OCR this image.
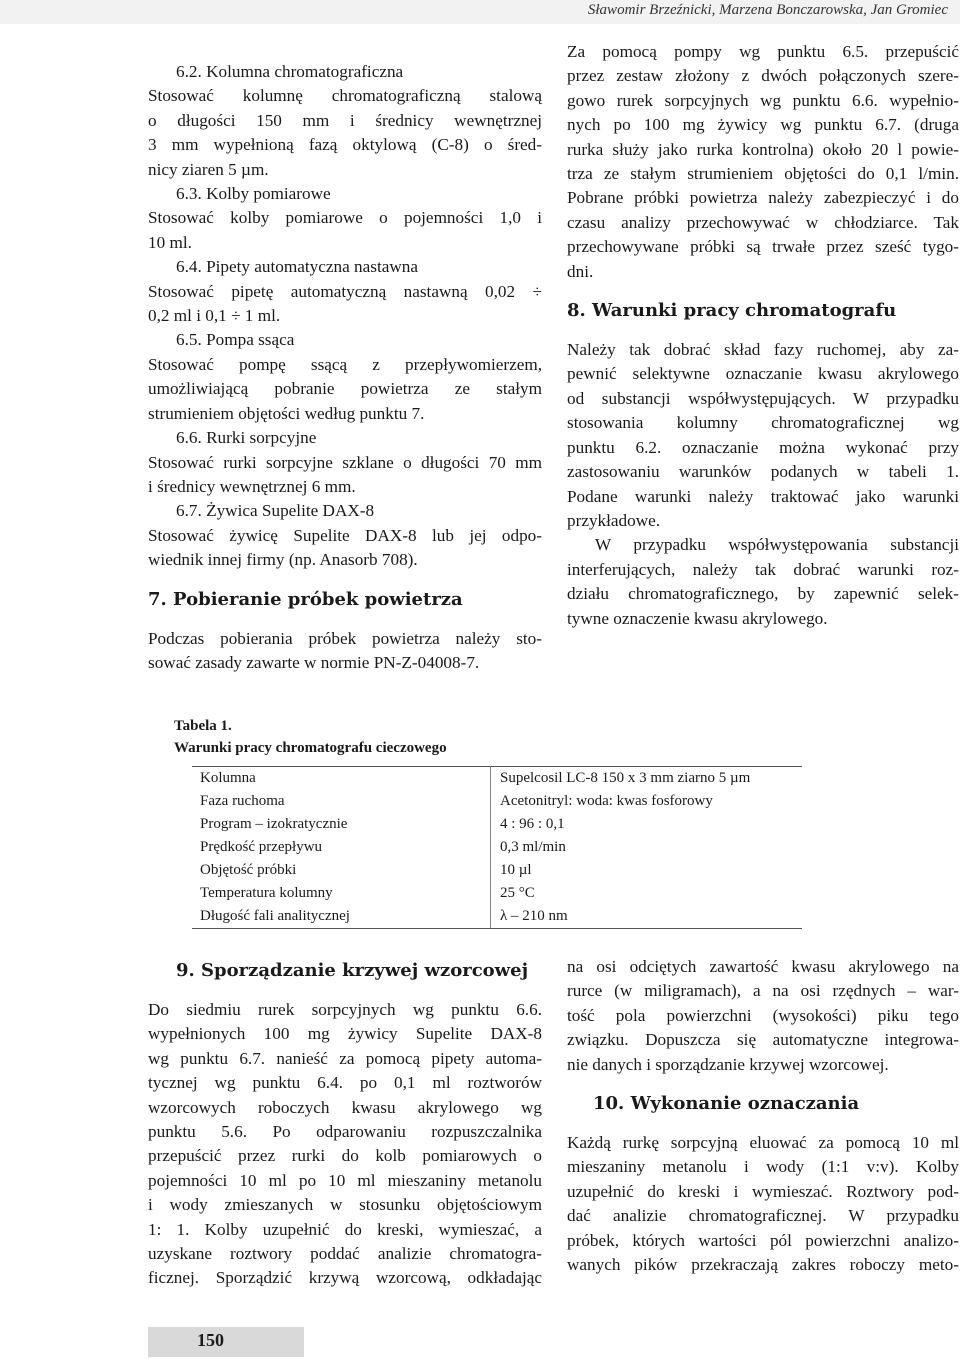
Sławomir Brzeźnicki, Marzena Bonczarowska, Jan Gromiec
6.2. Kolumna chromatograficzna
Stosować kolumnę chromatograficzną stalową
o długości 150 mm i średnicy wewnętrznej
3 mm wypełnioną fazą oktylową (C-8) o śred-
nicy ziaren 5 µm.
6.3. Kolby pomiarowe
Stosować kolby pomiarowe o pojemności 1,0 i
10 ml.
6.4. Pipety automatyczna nastawna
Stosować pipetę automatyczną nastawną 0,02 ÷
0,2 ml i 0,1 ÷ 1 ml.
6.5. Pompa ssąca
Stosować pompę ssącą z przepływomierzem,
umożliwiającą pobranie powietrza ze stałym
strumieniem objętości według punktu 7.
6.6. Rurki sorpcyjne
Stosować rurki sorpcyjne szklane o długości 70 mm
i średnicy wewnętrznej 6 mm.
6.7. Żywica Supelite DAX-8
Stosować żywicę Supelite DAX-8 lub jej odpo-
wiednik innej firmy (np. Anasorb 708).
7. Pobieranie próbek powietrza
Podczas pobierania próbek powietrza należy sto-
sować zasady zawarte w normie PN-Z-04008-7.
Za pomocą pompy wg punktu 6.5. przepuścić
przez zestaw złożony z dwóch połączonych szere-
gowo rurek sorpcyjnych wg punktu 6.6. wypełnio-
nych po 100 mg żywicy wg punktu 6.7. (druga
rurka służy jako rurka kontrolna) około 20 l powie-
trza ze stałym strumieniem objętości do 0,1 l/min.
Pobrane próbki powietrza należy zabezpieczyć i do
czasu analizy przechowywać w chłodziarce. Tak
przechowywane próbki są trwałe przez sześć tygo-
dni.
8. Warunki pracy chromatografu
Należy tak dobrać skład fazy ruchomej, aby za-
pewnić selektywne oznaczanie kwasu akrylowego
od substancji współwystępujących. W przypadku
stosowania kolumny chromatograficznej wg
punktu 6.2. oznaczanie można wykonać przy
zastosowaniu warunków podanych w tabeli 1.
Podane warunki należy traktować jako warunki
przykładowe.
W przypadku współwystępowania substancji
interferujących, należy tak dobrać warunki roz-
działu chromatograficznego, by zapewnić selek-
tywne oznaczenie kwasu akrylowego.
Tabela 1.
Warunki pracy chromatografu cieczowego
Kolumna	Supelcosil LC-8 150 x 3 mm ziarno 5 µm
Faza ruchoma	Acetonitryl: woda: kwas fosforowy
Program – izokratycznie	4 : 96 : 0,1
Prędkość przepływu	0,3 ml/min
Objętość próbki	10 µl
Temperatura kolumny	25 °C
Długość fali analitycznej	λ – 210 nm
9. Sporządzanie krzywej wzorcowej
Do siedmiu rurek sorpcyjnych wg punktu 6.6.
wypełnionych 100 mg żywicy Supelite DAX-8
wg punktu 6.7. nanieść za pomocą pipety automa-
tycznej wg punktu 6.4. po 0,1 ml roztworów
wzorcowych roboczych kwasu akrylowego wg
punktu 5.6. Po odparowaniu rozpuszczalnika
przepuścić przez rurki do kolb pomiarowych o
pojemności 10 ml po 10 ml mieszaniny metanolu
i wody zmieszanych w stosunku objętościowym
1: 1. Kolby uzupełnić do kreski, wymieszać, a
uzyskane roztwory poddać analizie chromatogra-
ficznej. Sporządzić krzywą wzorcową, odkładając
na osi odciętych zawartość kwasu akrylowego na
rurce (w miligramach), a na osi rzędnych – war-
tość pola powierzchni (wysokości) piku tego
związku. Dopuszcza się automatyczne integrowa-
nie danych i sporządzanie krzywej wzorcowej.
10. Wykonanie oznaczania
Każdą rurkę sorpcyjną eluować za pomocą 10 ml
mieszaniny metanolu i wody (1:1 v:v). Kolby
uzupełnić do kreski i wymieszać. Roztwory pod-
dać analizie chromatograficznej. W przypadku
próbek, których wartości pól powierzchni analizo-
wanych pików przekraczają zakres roboczy meto-
150
